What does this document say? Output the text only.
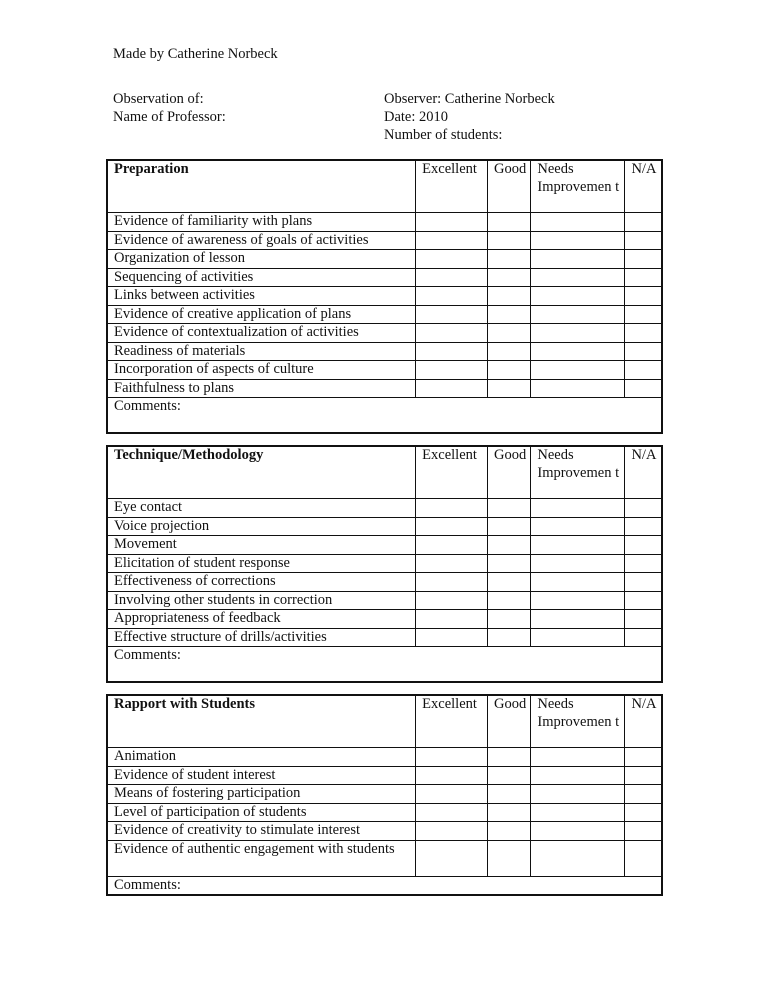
Made by Catherine Norbeck
Observation of:
Name of Professor:
Observer: Catherine Norbeck
Date: 2010
Number of students:
Preparation	Excellent	Good	Needs Improvemen t	N/A
Evidence of familiarity with plans				
Evidence of awareness of goals of activities				
Organization of lesson				
Sequencing of activities				
Links between activities				
Evidence of creative application of plans				
Evidence of contextualization of activities				
Readiness of materials				
Incorporation of aspects of culture				
Faithfulness to plans				
Comments:				
Technique/Methodology	Excellent	Good	Needs Improvemen t	N/A
Eye contact				
Voice projection				
Movement				
Elicitation of student response				
Effectiveness of corrections				
Involving other students in correction				
Appropriateness of feedback				
Effective structure of drills/activities				
Comments:				
Rapport with Students	Excellent	Good	Needs Improvemen t	N/A
Animation				
Evidence of student interest				
Means of fostering participation				
Level of participation of students				
Evidence of creativity to stimulate interest				
Evidence of authentic engagement with students				
Comments:				
